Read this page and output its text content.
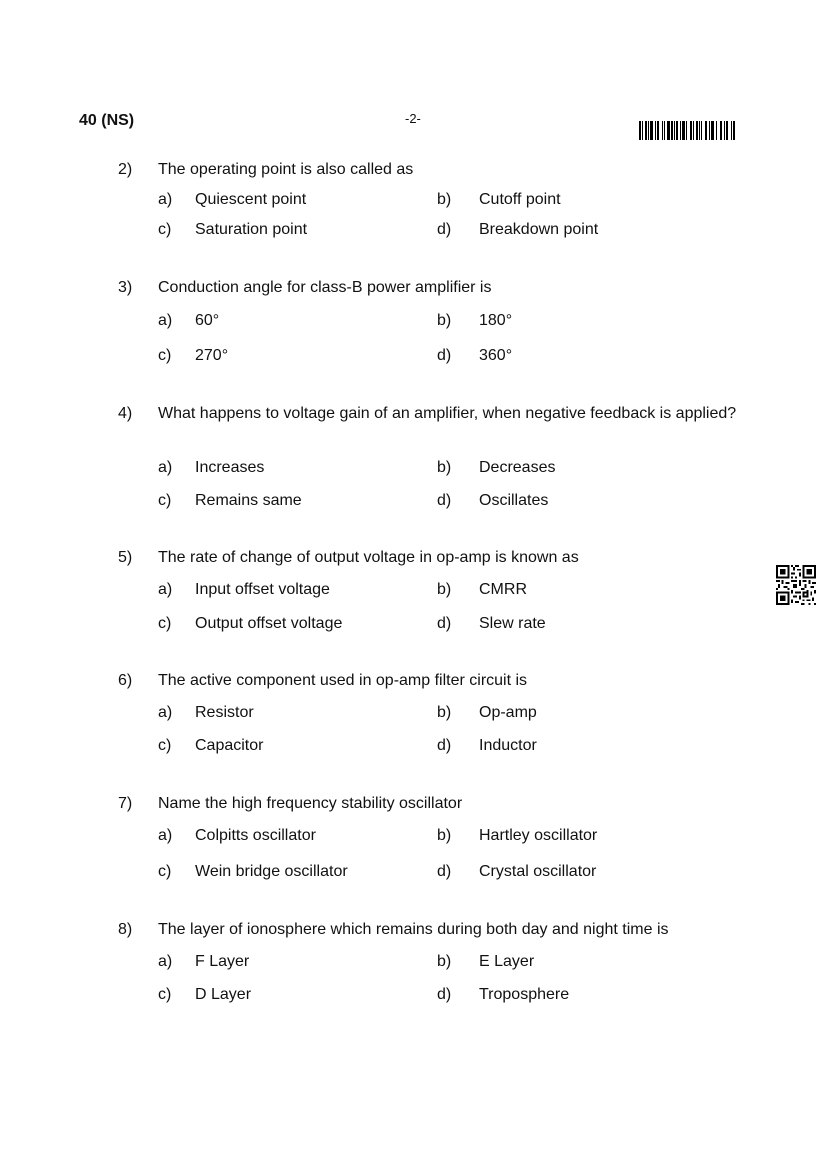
40 (NS)	-2-
2) The operating point is also called as
a) Quiescent point	b) Cutoff point
c) Saturation point	d) Breakdown point
3) Conduction angle for class-B power amplifier is
a) 60°	b) 180°
c) 270°	d) 360°
4) What happens to voltage gain of an amplifier, when negative feedback is applied?
a) Increases	b) Decreases
c) Remains same	d) Oscillates
5) The rate of change of output voltage in op-amp is known as
a) Input offset voltage	b) CMRR
c) Output offset voltage	d) Slew rate
6) The active component used in op-amp filter circuit is
a) Resistor	b) Op-amp
c) Capacitor	d) Inductor
7) Name the high frequency stability oscillator
a) Colpitts oscillator	b) Hartley oscillator
c) Wein bridge oscillator	d) Crystal oscillator
8) The layer of ionosphere which remains during both day and night time is
a) F Layer	b) E Layer
c) D Layer	d) Troposphere
